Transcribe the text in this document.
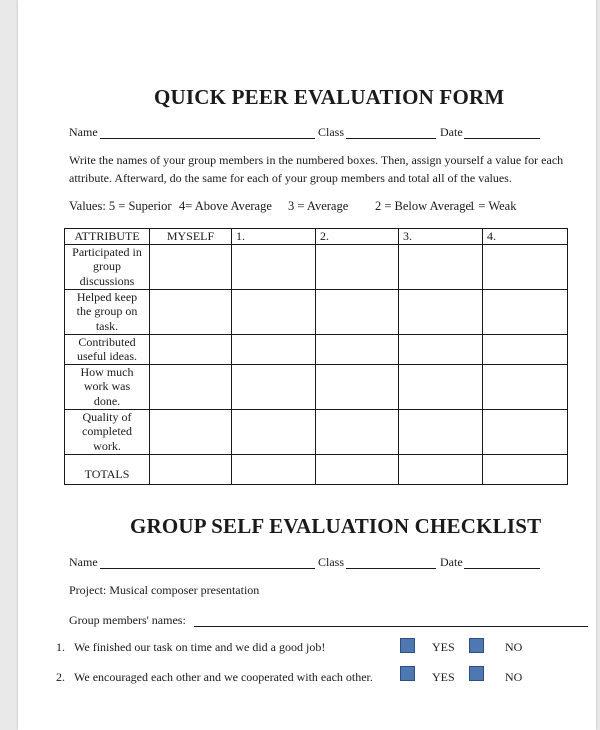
QUICK PEER EVALUATION FORM
Name	Class	Date
Write the names of your group members in the numbered boxes. Then, assign yourself a value for each
attribute. Afterward, do the same for each of your group members and total all of the values.
Values: 5 = Superior 4= Above Average 3 = Average 2 = Below Average
1 = Weak
ATTRIBUTE	MYSELF	1.	2.	3.	4.

Participated in
group
discussions					

Helped keep
the group on
task.					

Contributed
useful ideas.					

How much
work was
done.					

Quality of
completed
work.					

TOTALS					
GROUP SELF EVALUATION CHECKLIST
Name	Class	Date
Project: Musical composer presentation
Group members' names:
1. We finished our task on time and we did a good job!	YES	NO
2. We encouraged each other and we cooperated with each other.	YES	NO
